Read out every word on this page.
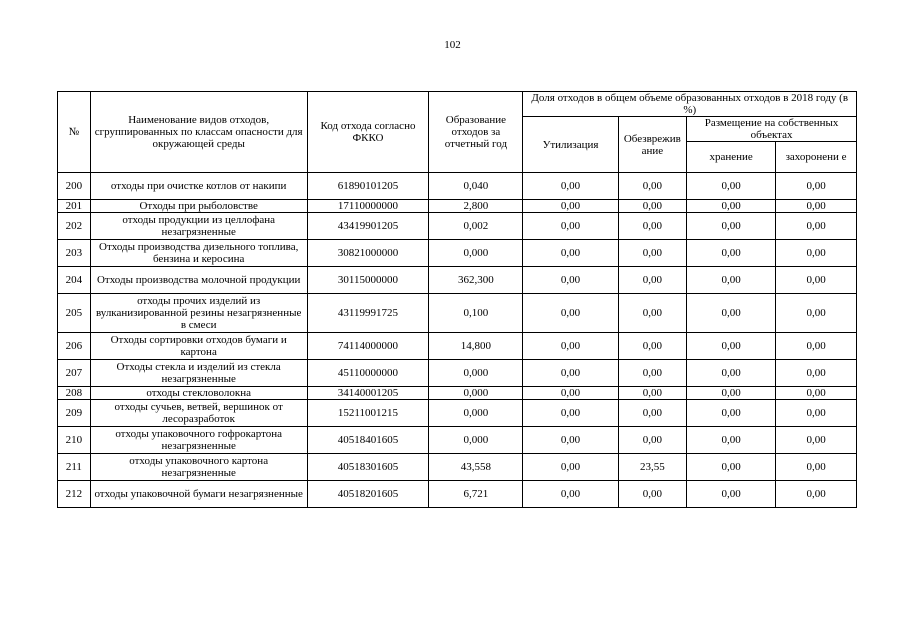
102
№	Наименование видов отходов, сгруппированных по классам опасности для окружающей среды	Код отхода согласно ФККО	Образование отходов за отчетный год	Доля отходов в общем объеме образованных отходов в 2018 году (в %)			
				Утилизация	Обезврежив ание	Размещение на собственных объектах	
						хранение	захоронени е
200	отходы при очистке котлов от накипи	61890101205	0,040	0,00	0,00	0,00	0,00
201	Отходы при рыболовстве	17110000000	2,800	0,00	0,00	0,00	0,00
202	отходы продукции из целлофана незагрязненные	43419901205	0,002	0,00	0,00	0,00	0,00
203	Отходы производства дизельного топлива, бензина и керосина	30821000000	0,000	0,00	0,00	0,00	0,00
204	Отходы производства молочной продукции	30115000000	362,300	0,00	0,00	0,00	0,00
205	отходы прочих изделий из вулканизированной резины незагрязненные в смеси	43119991725	0,100	0,00	0,00	0,00	0,00
206	Отходы сортировки отходов бумаги и картона	74114000000	14,800	0,00	0,00	0,00	0,00
207	Отходы стекла и изделий из стекла незагрязненные	45110000000	0,000	0,00	0,00	0,00	0,00
208	отходы стекловолокна	34140001205	0,000	0,00	0,00	0,00	0,00
209	отходы сучьев, ветвей, вершинок от лесоразработок	15211001215	0,000	0,00	0,00	0,00	0,00
210	отходы упаковочного гофрокартона незагрязненные	40518401605	0,000	0,00	0,00	0,00	0,00
211	отходы упаковочного картона незагрязненные	40518301605	43,558	0,00	23,55	0,00	0,00
212	отходы упаковочной бумаги незагрязненные	40518201605	6,721	0,00	0,00	0,00	0,00
